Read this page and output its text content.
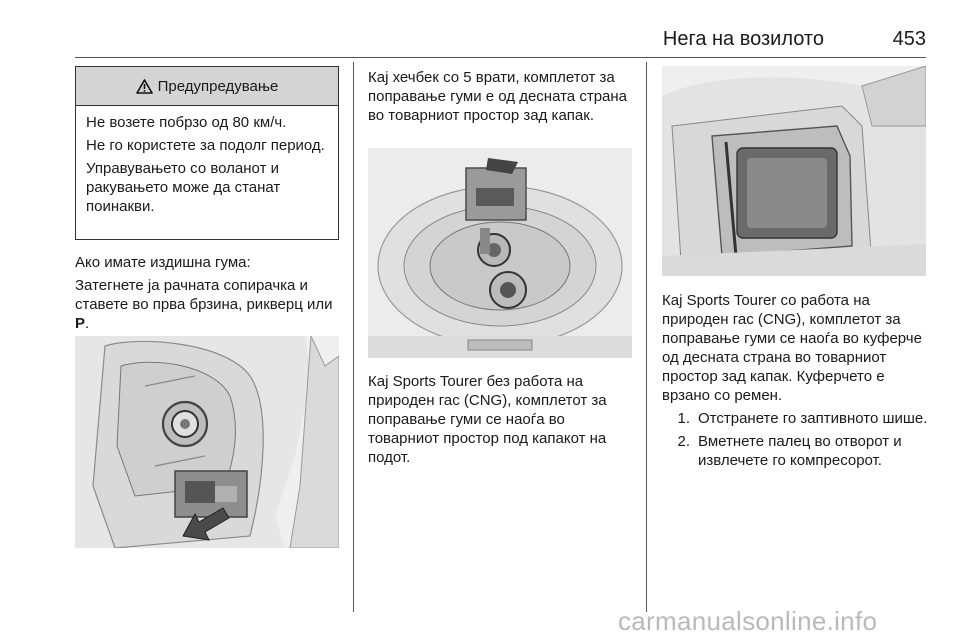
Нега на возилото	453
Предупредување

Не возете побрзо од 80 км/ч.

Не го користете за подолг период.

Управувањето со воланот и ракувањето може да станат поинакви.

Ако имате издишна гума:

Затегнете ја рачната сопирачка и ставете во прва брзина, рикверц или P.

Кај хечбек со 5 врати, комплетот за поправање гуми е од десната страна во товарниот простор зад капак.

Кај Sports Tourer без работа на природен гас (CNG), комплетот за поправање гуми се наоѓа во товарниот простор под капакот на подот.

Кај Sports Tourer со работа на природен гас (CNG), комплетот за поправање гуми се наоѓа во куферче од десната страна во товарниот простор зад капак. Куферчето е врзано со ремен.

1. Отстранете го заптивното шише.
2. Вметнете палец во отворот и извлечете го компресорот.
carmanualsonline.info
